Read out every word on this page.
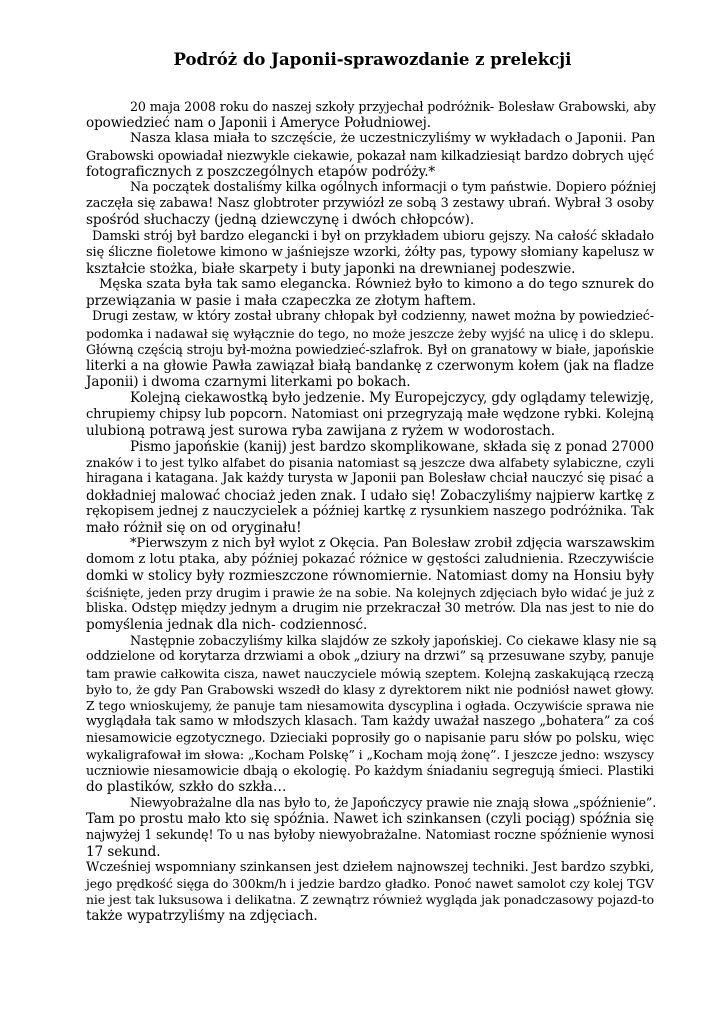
Podróż do Japonii-sprawozdanie z prelekcji
20 maja 2008 roku do naszej szkoły przyjechał podróżnik- Bolesław Grabowski, aby
opowiedzieć nam o Japonii i Ameryce Południowej.
Nasza klasa miała to szczęście, że uczestniczyliśmy w wykładach o Japonii. Pan
Grabowski opowiadał niezwykle ciekawie, pokazał nam kilkadziesiąt bardzo dobrych ujęć
fotograficznych z poszczególnych etapów podróży.*
Na początek dostaliśmy kilka ogólnych informacji o tym państwie. Dopiero później
zaczęła się zabawa! Nasz globtroter przywiózł ze sobą 3 zestawy ubrań. Wybrał 3 osoby
spośród słuchaczy (jedną dziewczynę i dwóch chłopców).
Damski strój był bardzo elegancki i był on przykładem ubioru gejszy. Na całość składało
się śliczne fioletowe kimono w jaśniejsze wzorki, żółty pas, typowy słomiany kapelusz w
kształcie stożka, białe skarpety i buty japonki na drewnianej podeszwie.
Męska szata była tak samo elegancka. Również było to kimono a do tego sznurek do
przewiązania w pasie i mała czapeczka ze złotym haftem.
Drugi zestaw, w który został ubrany chłopak był codzienny, nawet można by powiedzieć-
podomka i nadawał się wyłącznie do tego, no może jeszcze żeby wyjść na ulicę i do sklepu.
Główną częścią stroju był-można powiedzieć-szlafrok. Był on granatowy w białe, japońskie
literki a na głowie Pawła zawiązał białą bandankę z czerwonym kołem (jak na fladze
Japonii) i dwoma czarnymi literkami po bokach.
Kolejną ciekawostką było jedzenie. My Europejczycy, gdy oglądamy telewizję,
chrupiemy chipsy lub popcorn. Natomiast oni przegryzają małe wędzone rybki. Kolejną
ulubioną potrawą jest surowa ryba zawijana z ryżem w wodorostach.
Pismo japońskie (kanij) jest bardzo skomplikowane, składa się z ponad 27000
znaków i to jest tylko alfabet do pisania natomiast są jeszcze dwa alfabety sylabiczne, czyli
hiragana i katagana. Jak każdy turysta w Japonii pan Bolesław chciał nauczyć się pisać a
dokładniej malować chociaż jeden znak. I udało się! Zobaczyliśmy najpierw kartkę z
rękopisem jednej z nauczycielek a później kartkę z rysunkiem naszego podróżnika. Tak
mało różnił się on od oryginału!
*Pierwszym z nich był wylot z Okęcia. Pan Bolesław zrobił zdjęcia warszawskim
domom z lotu ptaka, aby później pokazać różnice w gęstości zaludnienia. Rzeczywiście
domki w stolicy były rozmieszczone równomiernie. Natomiast domy na Honsiu były
ściśnięte, jeden przy drugim i prawie że na sobie. Na kolejnych zdjęciach było widać je już z
bliska. Odstęp między jednym a drugim nie przekraczał 30 metrów. Dla nas jest to nie do
pomyślenia jednak dla nich- codziennosć.
Następnie zobaczyliśmy kilka slajdów ze szkoły japońskiej. Co ciekawe klasy nie są
oddzielone od korytarza drzwiami a obok „dziury na drzwi” są przesuwane szyby, panuje
tam prawie całkowita cisza, nawet nauczyciele mówią szeptem. Kolejną zaskakującą rzeczą
było to, że gdy Pan Grabowski wszedł do klasy z dyrektorem nikt nie podniósł nawet głowy.
Z tego wnioskujemy, że panuje tam niesamowita dyscyplina i ogłada. Oczywiście sprawa nie
wyglądała tak samo w młodszych klasach. Tam każdy uważał naszego „bohatera” za coś
niesamowicie egzotycznego. Dzieciaki poprosiły go o napisanie paru słów po polsku, więc
wykaligrafował im słowa: „Kocham Polskę” i „Kocham moją żonę”. I jeszcze jedno: wszyscy
uczniowie niesamowicie dbają o ekologię. Po każdym śniadaniu segregują śmieci. Plastiki
do plastików, szkło do szkła…
Niewyobrażalne dla nas było to, że Japończycy prawie nie znają słowa „spóźnienie”.
Tam po prostu mało kto się spóźnia. Nawet ich szinkansen (czyli pociąg) spóźnia się
najwyżej 1 sekundę! To u nas byłoby niewyobrażalne. Natomiast roczne spóźnienie wynosi
17 sekund.
Wcześniej wspomniany szinkansen jest dziełem najnowszej techniki. Jest bardzo szybki,
jego prędkość sięga do 300km/h i jedzie bardzo gładko. Ponoć nawet samolot czy kolej TGV
nie jest tak luksusowa i delikatna. Z zewnątrz również wygląda jak ponadczasowy pojazd-to
także wypatrzyliśmy na zdjęciach.
